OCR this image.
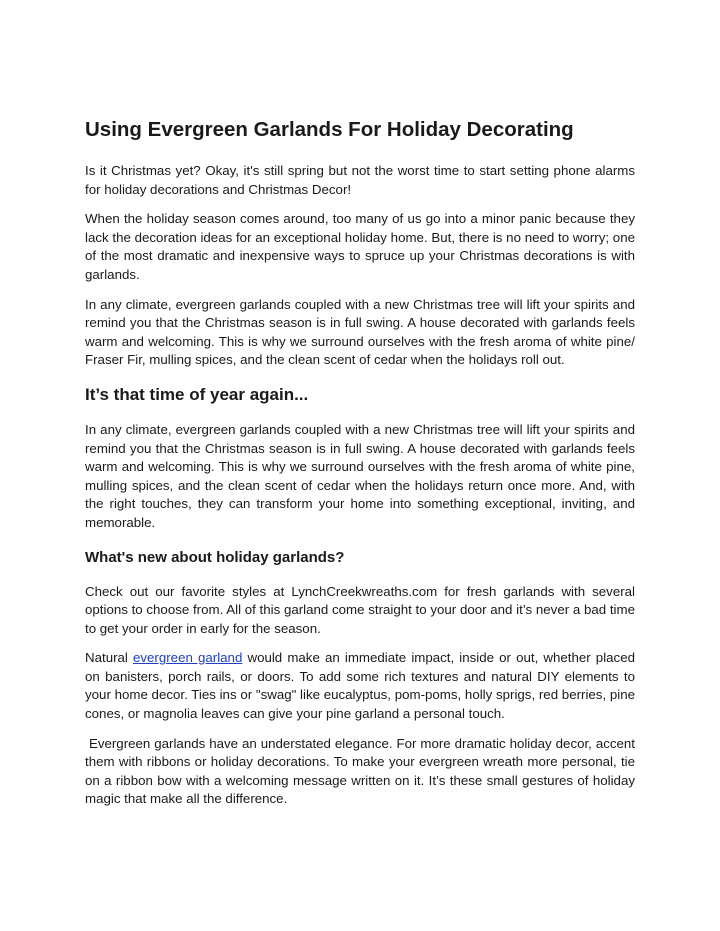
Using Evergreen Garlands For Holiday Decorating

Is it Christmas yet? Okay, it's still spring but not the worst time to start setting phone alarms for holiday decorations and Christmas Decor!

When the holiday season comes around, too many of us go into a minor panic because they lack the decoration ideas for an exceptional holiday home. But, there is no need to worry; one of the most dramatic and inexpensive ways to spruce up your Christmas decorations is with garlands.

In any climate, evergreen garlands coupled with a new Christmas tree will lift your spirits and remind you that the Christmas season is in full swing. A house decorated with garlands feels warm and welcoming. This is why we surround ourselves with the fresh aroma of white pine/ Fraser Fir, mulling spices, and the clean scent of cedar when the holidays roll out.

It’s that time of year again...

In any climate, evergreen garlands coupled with a new Christmas tree will lift your spirits and remind you that the Christmas season is in full swing. A house decorated with garlands feels warm and welcoming. This is why we surround ourselves with the fresh aroma of white pine, mulling spices, and the clean scent of cedar when the holidays return once more. And, with the right touches, they can transform your home into something exceptional, inviting, and memorable.

What's new about holiday garlands?

Check out our favorite styles at LynchCreekwreaths.com for fresh garlands with several options to choose from. All of this garland come straight to your door and it’s never a bad time to get your order in early for the season.

Natural evergreen garland would make an immediate impact, inside or out, whether placed on banisters, porch rails, or doors. To add some rich textures and natural DIY elements to your home decor. Ties ins or "swag" like eucalyptus, pom-poms, holly sprigs, red berries, pine cones, or magnolia leaves can give your pine garland a personal touch.

Evergreen garlands have an understated elegance. For more dramatic holiday decor, accent them with ribbons or holiday decorations. To make your evergreen wreath more personal, tie on a ribbon bow with a welcoming message written on it. It’s these small gestures of holiday magic that make all the difference.
